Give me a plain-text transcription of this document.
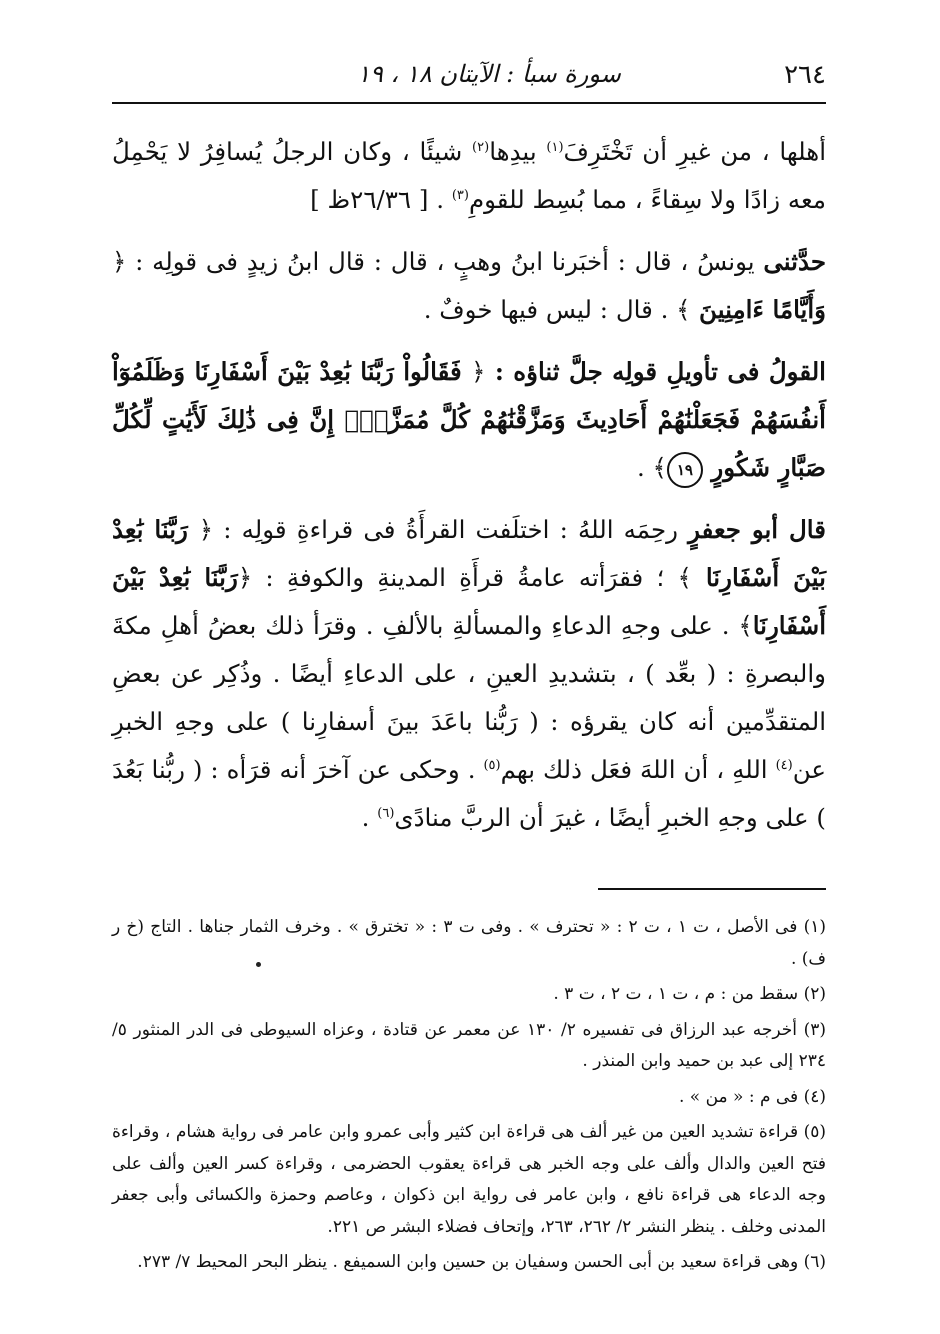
٢٦٤
سورة سبأ : الآيتان ١٨ ، ١٩

أهلها ، من غيرِ أن تَخْتَرِفَ$^{(١)}$ بيدِها$^{(٢)}$ شيئًا ، وكان الرجلُ يُسافِرُ لا يَحْمِلُ معه زادًا ولا سِقاءً ، مما بُسِط للقومِ$^{(٣)}$ . [ ٢٦/٣٦ظ ]

حدَّثنى يونسُ ، قال : أخبَرنا ابنُ وهبٍ ، قال : قال ابنُ زيدٍ فى قولِه : ﴿ وَأَيَّامًا ءَامِنِينَ ﴾ . قال : ليس فيها خوفٌ .

القولُ فى تأويلِ قولِه جلَّ ثناؤه : ﴿ فَقَالُواْ رَبَّنَا بَٰعِدْ بَيْنَ أَسْفَارِنَا وَظَلَمُوٓاْ أَنفُسَهُمْ فَجَعَلْنَٰهُمْ أَحَادِيثَ وَمَزَّقْنَٰهُمْ كُلَّ مُمَزَّقٍۚ إِنَّ فِى ذَٰلِكَ لَأَيَٰتٍ لِّكُلِّ صَبَّارٍ شَكُورٍ ١٩﴾ .

قال أبو جعفرٍ رحِمَه اللهُ : اختلَفت القرأَةُ فى قراءةِ قولِه : ﴿ رَبَّنَا بَٰعِدْ بَيْنَ أَسْفَارِنَا ﴾ ؛ فقرَأته عامةُ قرأَةِ المدينةِ والكوفةِ : ﴿رَبَّنَا بَٰعِدْ بَيْنَ أَسْفَارِنَا﴾ . على وجهِ الدعاءِ والمسألةِ بالألفِ . وقرَأ ذلك بعضُ أهلِ مكةَ والبصرةِ : ( بعِّد ) ، بتشديدِ العينِ ، على الدعاءِ أيضًا . وذُكِر عن بعضِ المتقدِّمين أنه كان يقرؤه : ( رَبُّنا باعَدَ بينَ أسفارِنا ) على وجهِ الخبرِ عن$^{(٤)}$ اللهِ ، أن اللهَ فعَل ذلك بهم$^{(٥)}$ . وحكى عن آخرَ أنه قرَأه : ( ربُّنا بَعُدَ ) على وجهِ الخبرِ أيضًا ، غيرَ أن الربَّ منادًى$^{(٦)}$ .

(١) فى الأصل ، ت ١ ، ت ٢ : « تحترف » . وفى ت ٣ : « تخترق » . وخرف الثمار جناها . التاج (خ ر ف) .

(٢) سقط من : م ، ت ١ ، ت ٢ ، ت ٣ .

(٣) أخرجه عبد الرزاق فى تفسيره ٢/ ١٣٠ عن معمر عن قتادة ، وعزاه السيوطى فى الدر المنثور ٥/ ٢٣٤ إلى عبد بن حميد وابن المنذر .

(٤) فى م : « من » .

(٥) قراءة تشديد العين من غير ألف هى قراءة ابن كثير وأبى عمرو وابن عامر فى رواية هشام ، وقراءة فتح العين والدال وألف على وجه الخبر هى قراءة يعقوب الحضرمى ، وقراءة كسر العين وألف على وجه الدعاء هى قراءة نافع ، وابن عامر فى رواية ابن ذكوان ، وعاصم وحمزة والكسائى وأبى جعفر المدنى وخلف . ينظر النشر ٢/ ٢٦٢، ٢٦٣، وإتحاف فضلاء البشر ص ٢٢١.

(٦) وهى قراءة سعيد بن أبى الحسن وسفيان بن حسين وابن السميفع . ينظر البحر المحيط ٧/ ٢٧٣.
